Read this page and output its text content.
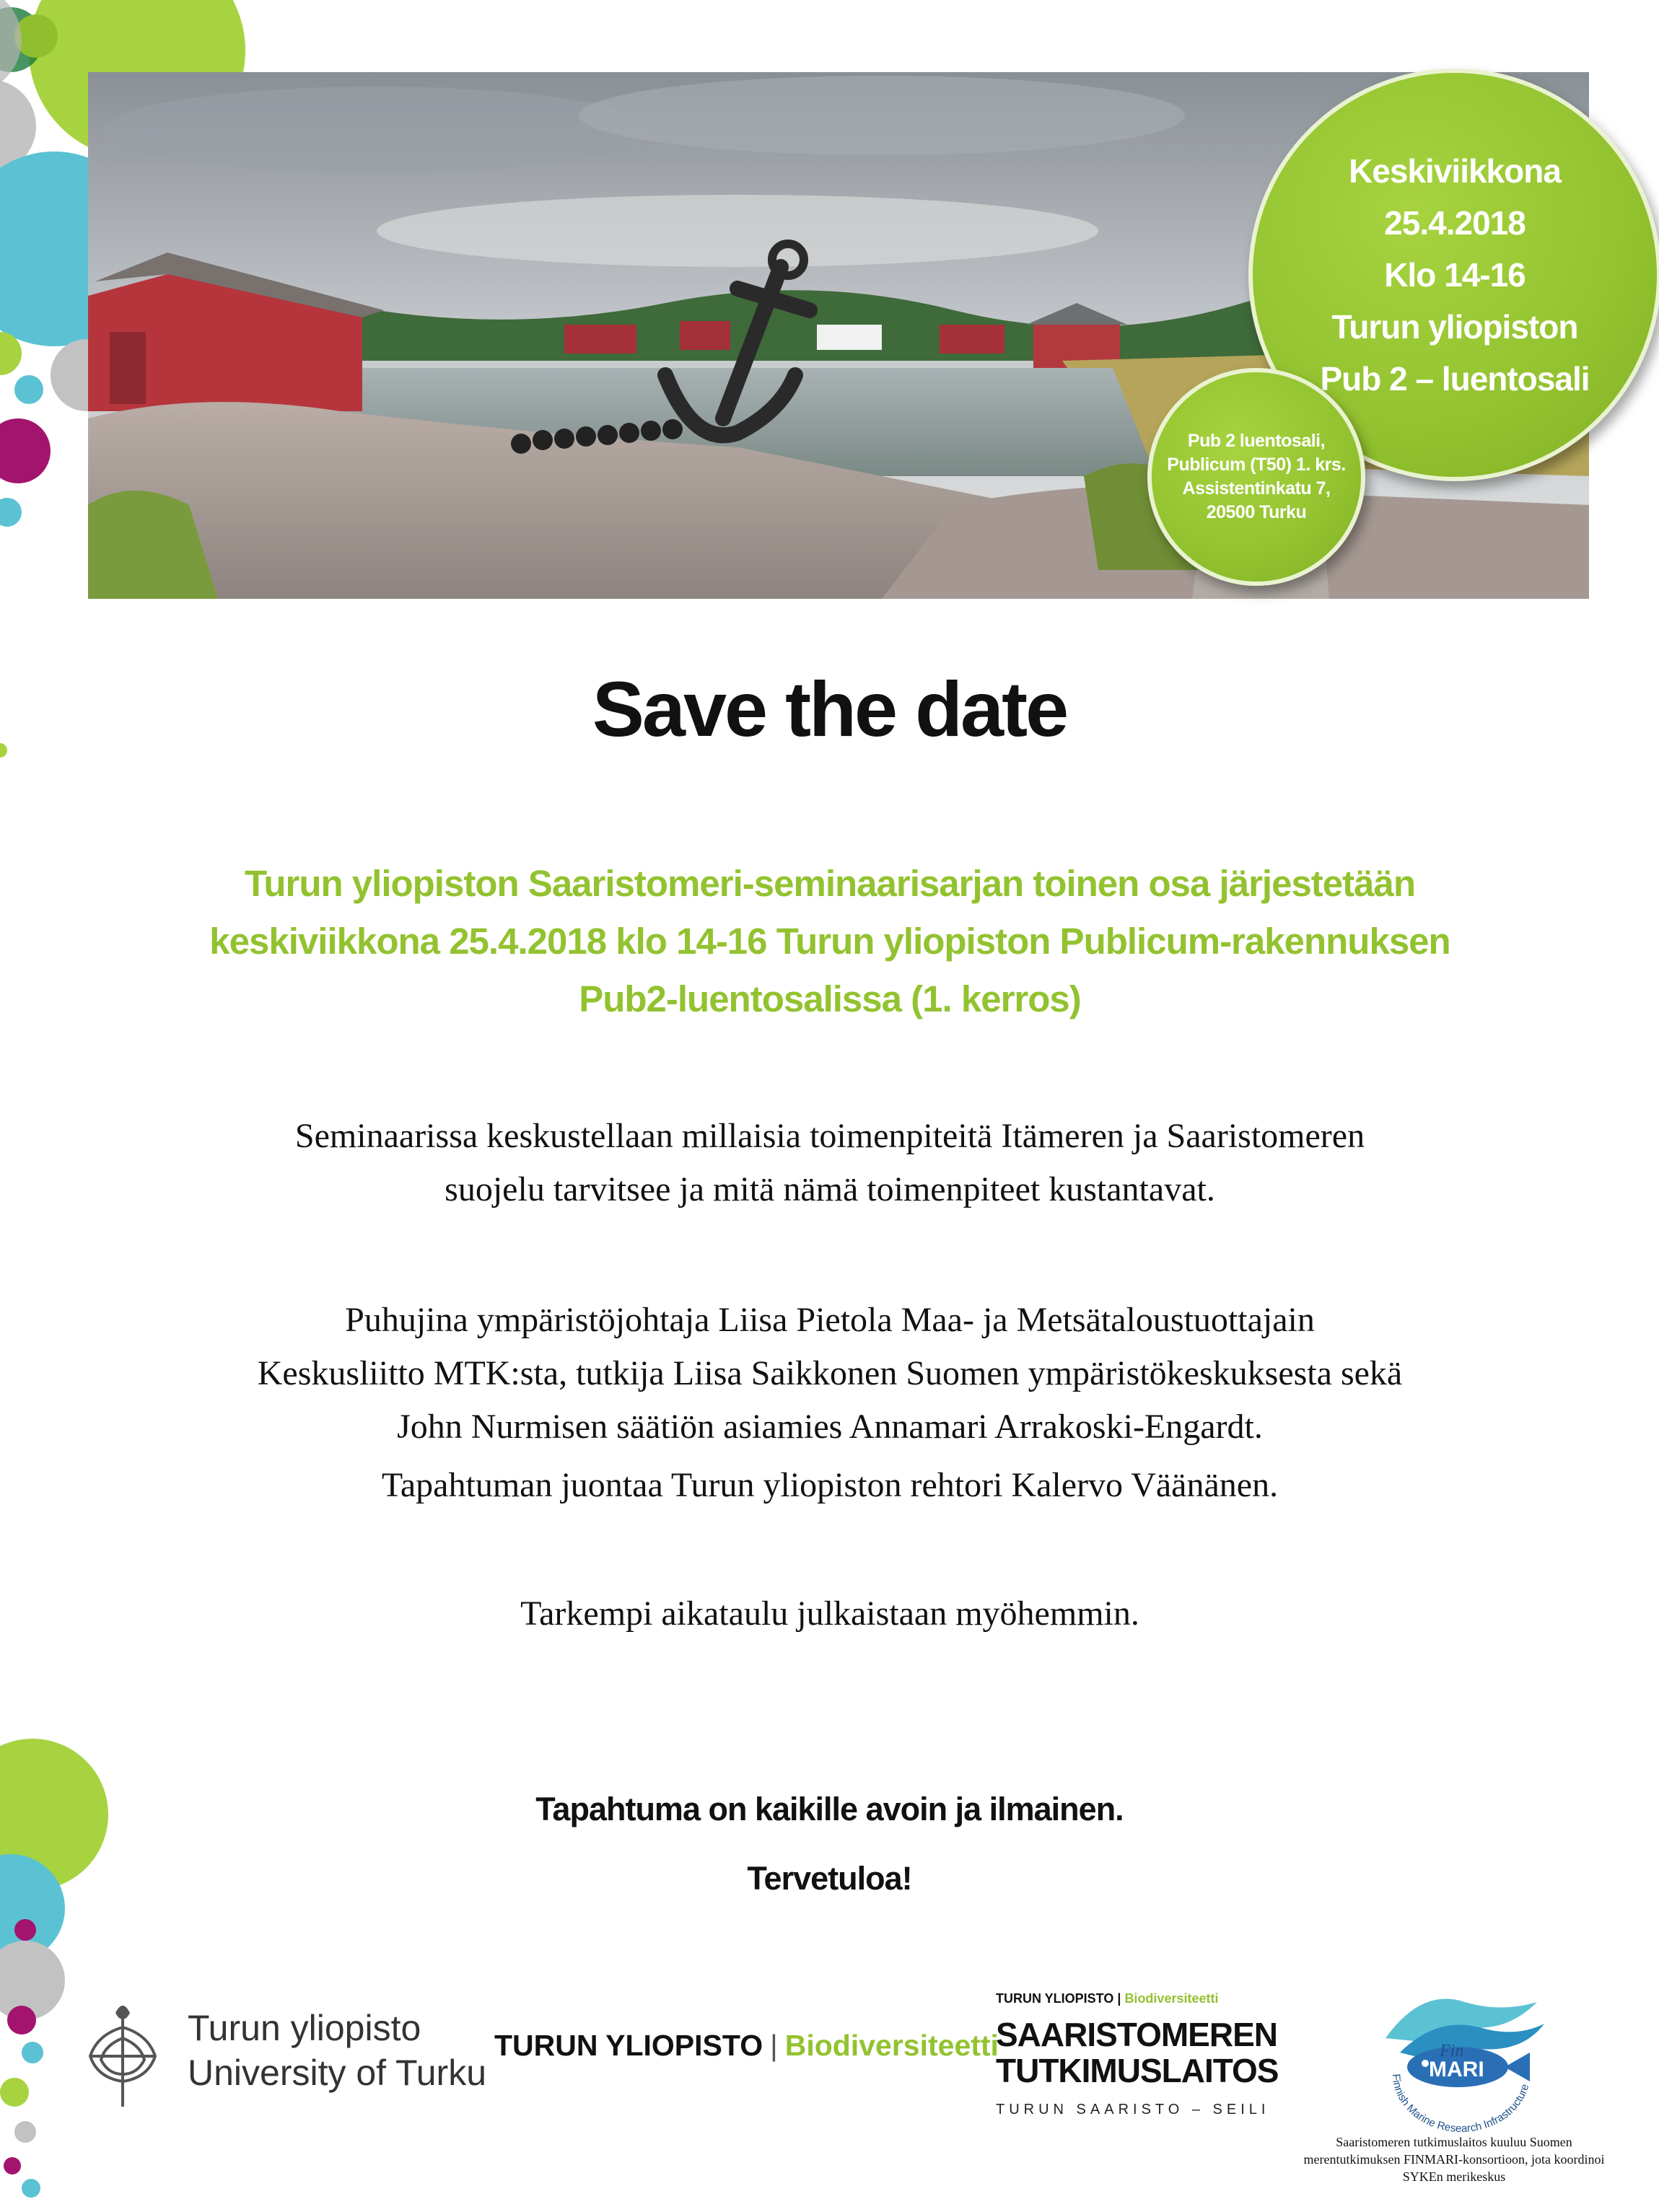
Keskiviikkona
25.4.2018
Klo 14-16
Turun yliopiston
Pub 2 – luentosali
Pub 2 luentosali,
Publicum (T50) 1. krs.
Assistentinkatu 7,
20500 Turku
Save the date
Turun yliopiston Saaristomeri-seminaarisarjan toinen osa järjestetään
keskiviikkona 25.4.2018 klo 14-16 Turun yliopiston Publicum-rakennuksen
Pub2-luentosalissa (1. kerros)
Seminaarissa keskustellaan millaisia toimenpiteitä Itämeren ja Saaristomeren
suojelu tarvitsee ja mitä nämä toimenpiteet kustantavat.
Puhujina ympäristöjohtaja Liisa Pietola Maa- ja Metsätaloustuottajain
Keskusliitto MTK:sta, tutkija Liisa Saikkonen Suomen ympäristökeskuksesta sekä
John Nurmisen säätiön asiamies Annamari Arrakoski-Engardt.
Tapahtuman juontaa Turun yliopiston rehtori Kalervo Väänänen.
Tarkempi aikataulu julkaistaan myöhemmin.
Tapahtuma on kaikille avoin ja ilmainen.
Tervetuloa!
Turun yliopisto
University of Turku
TURUN YLIOPISTO | Biodiversiteetti
TURUN YLIOPISTO | Biodiversiteetti
SAARISTOMEREN
TUTKIMUSLAITOS
TURUN SAARISTO – SEILI
Fin
MARI
Finnish Marine Research Infrastructure
Saaristomeren tutkimuslaitos kuuluu Suomen
merentutkimuksen FINMARI-konsortioon, jota koordinoi
SYKEn merikeskus
